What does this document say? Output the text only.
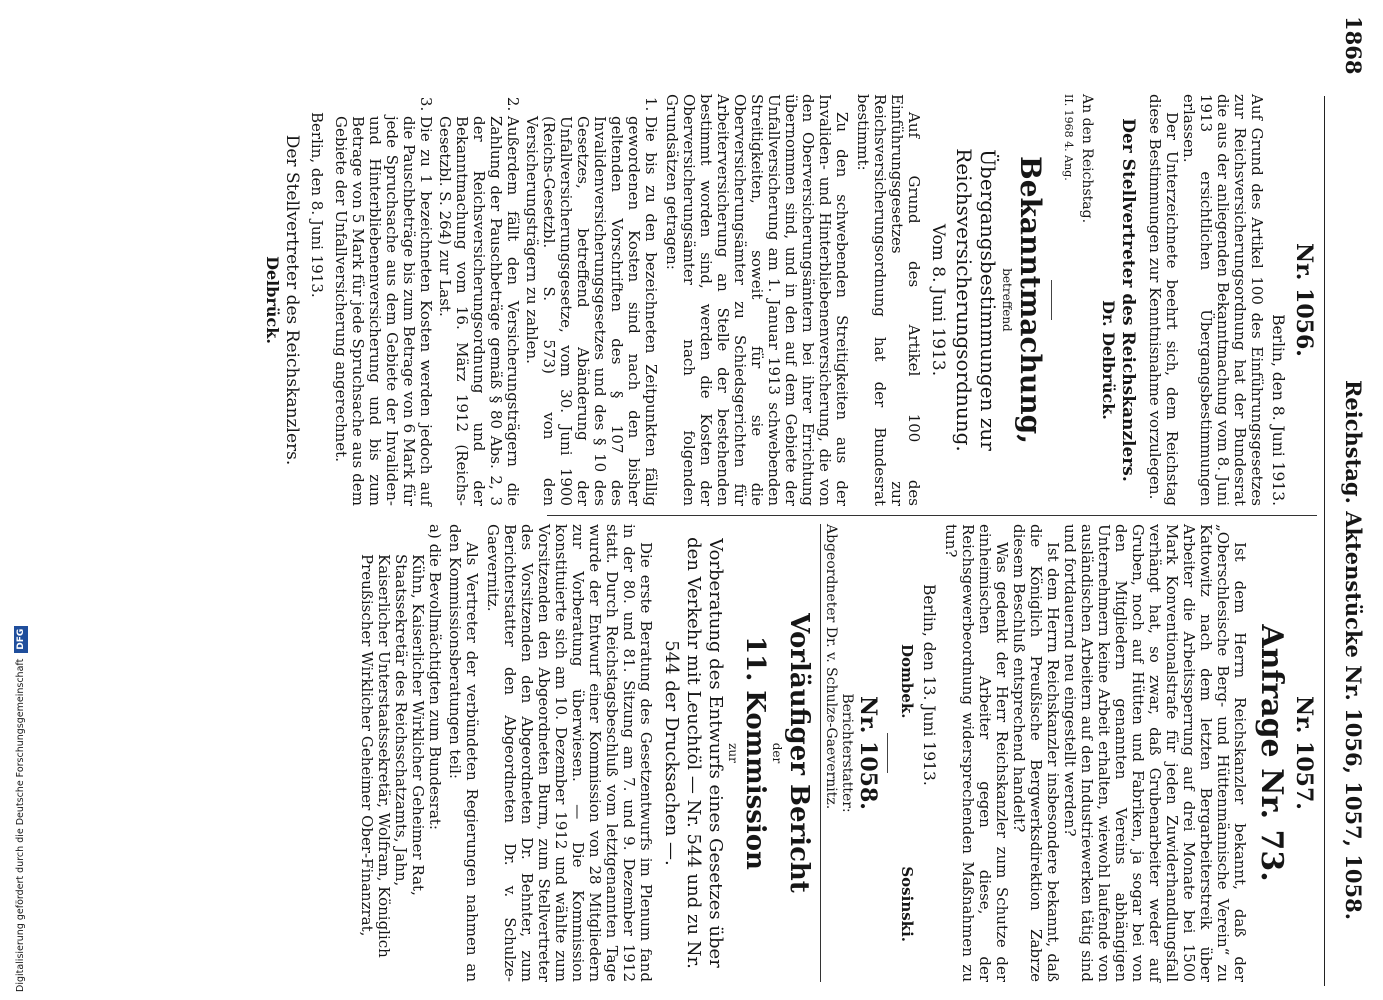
1868
Reichstag. Aktenstücke Nr. 1056, 1057, 1058.
Nr. 1056.
Berlin, den 8. Juni 1913.

Auf Grund des Artikel 100 des Einführungsgesetzes zur Reichsversicherungsordnung hat der Bundesrat die aus der anliegenden Bekanntmachung vom 8. Juni 1913 ersichtlichen Übergangsbestimmungen erlassen.

Der Unterzeichnete beehrt sich, dem Reichstag diese Bestimmungen zur Kenntnisnahme vorzulegen.

Der Stellvertreter des Reichskanzlers.
Dr. Delbrück.
An den Reichstag.
II. 1968 4. Ang.
Bekanntmachung,
betreffend
Übergangsbestimmungen zur Reichsversicherungsordnung.
Vom 8. Juni 1913.

Auf Grund des Artikel 100 des Einführungsgesetzes zur Reichsversicherungsordnung hat der Bundesrat bestimmt:

Zu den schwebenden Streitigkeiten aus der Invaliden- und Hinterbliebenenversicherung, die von den Oberversicherungsämtern bei ihrer Errichtung übernommen sind, und in den auf dem Gebiete der Unfallversicherung am 1. Januar 1913 schwebenden Streitigkeiten, soweit für sie die Oberversicherungsämter zu Schiedsgerichten für Arbeiterversicherung an Stelle der bestehenden bestimmt worden sind, werden die Kosten der Oberversicherungsämter nach folgenden Grundsätzen getragen:

1. Die bis zu den bezeichneten Zeitpunkten fällig gewordenen Kosten sind nach den bisher geltenden Vorschriften des § 107 des Invalidenversicherungsgesetzes und des § 10 des Gesetzes, betreffend Abänderung der Unfallversicherungsgesetze, vom 30. Juni 1900 (Reichs-Gesetzbl. S. 573) von den Versicherungsträgern zu zahlen.
2. Außerdem fällt den Versicherungsträgern die Zahlung der Pauschbeträge gemäß § 80 Abs. 2, 3 der Reichsversicherungsordnung und der Bekanntmachung vom 16. März 1912 (Reichs-Gesetzbl. S. 264) zur Last.
3. Die zu 1 bezeichneten Kosten werden jedoch auf die Pauschbeträge bis zum Betrage von 6 Mark für jede Spruchsache aus dem Gebiete der Invaliden- und Hinterbliebenenversicherung und bis zum Betrage von 5 Mark für jede Spruchsache aus dem Gebiete der Unfallversicherung angerechnet.
Berlin, den 8. Juni 1913.
Der Stellvertreter des Reichskanzlers.
Delbrück.
Nr. 1057.
Anfrage Nr. 73.

Ist dem Herrn Reichskanzler bekannt, daß der „Oberschlesische Berg- und Hüttenmännische Verein“ zu Kattowitz nach dem letzten Bergarbeiterstreik über Arbeiter die Arbeitssperrung auf drei Monate bei 1500 Mark Konventionalstrafe für jeden Zuwiderhandlungsfall verhängt hat, so zwar, daß Grubenarbeiter weder auf Gruben, noch auf Hütten und Fabriken, ja sogar bei von den Mitgliedern genannten Vereins abhängigen Unternehmern keine Arbeit erhalten, wiewohl laufende von ausländischen Arbeitern auf den Industriewerken tätig sind und fortdauernd neu eingestellt werden?

Ist dem Herrn Reichskanzler insbesondere bekannt, daß die Königlich Preußische Bergwerksdirektion Zabrze diesem Beschluß entsprechend handelt?

Was gedenkt der Herr Reichskanzler zum Schutze der einheimischen Arbeiter gegen diese, der Reichsgewerbeordnung widersprechenden Maßnahmen zu tun?

Berlin, den 13. Juni 1913.
Dombek.
Sosinski.
Nr. 1058.
Berichterstatter:
Abgeordneter Dr. v. Schulze-Gaevernitz.
Vorläufiger Bericht
der
11. Kommission
zur
Vorberatung des Entwurfs eines Gesetzes über den Verkehr mit Leuchtöl — Nr. 544 und zu Nr. 544 der Drucksachen —.

Die erste Beratung des Gesetzentwurfs im Plenum fand in der 80. und 81. Sitzung am 7. und 9. Dezember 1912 statt. Durch Reichstagsbeschluß vom letztgenannten Tage wurde der Entwurf einer Kommission von 28 Mitgliedern zur Vorberatung überwiesen. — Die Kommission konstituierte sich am 10. Dezember 1912 und wählte zum Vorsitzenden den Abgeordneten Burm, zum Stellvertreter des Vorsitzenden den Abgeordneten Dr. Behnter, zum Berichterstatter den Abgeordneten Dr. v. Schulze-Gaevernitz.

Als Vertreter der verbündeten Regierungen nahmen an den Kommissionsberatungen teil:

a) die Bevollmächtigten zum Bundesrat:

Kühn, Kaiserlicher Wirklicher Geheimer Rat, Staatssekretär des Reichsschatzamts, Jahn, Kaiserlicher Unterstaatssekretär, Wolfram, Königlich Preußischer Wirklicher Geheimer Ober-Finanzrat,

Digitalisierung gefördert durch die Deutsche ForschungsgemeinschaftDFG
